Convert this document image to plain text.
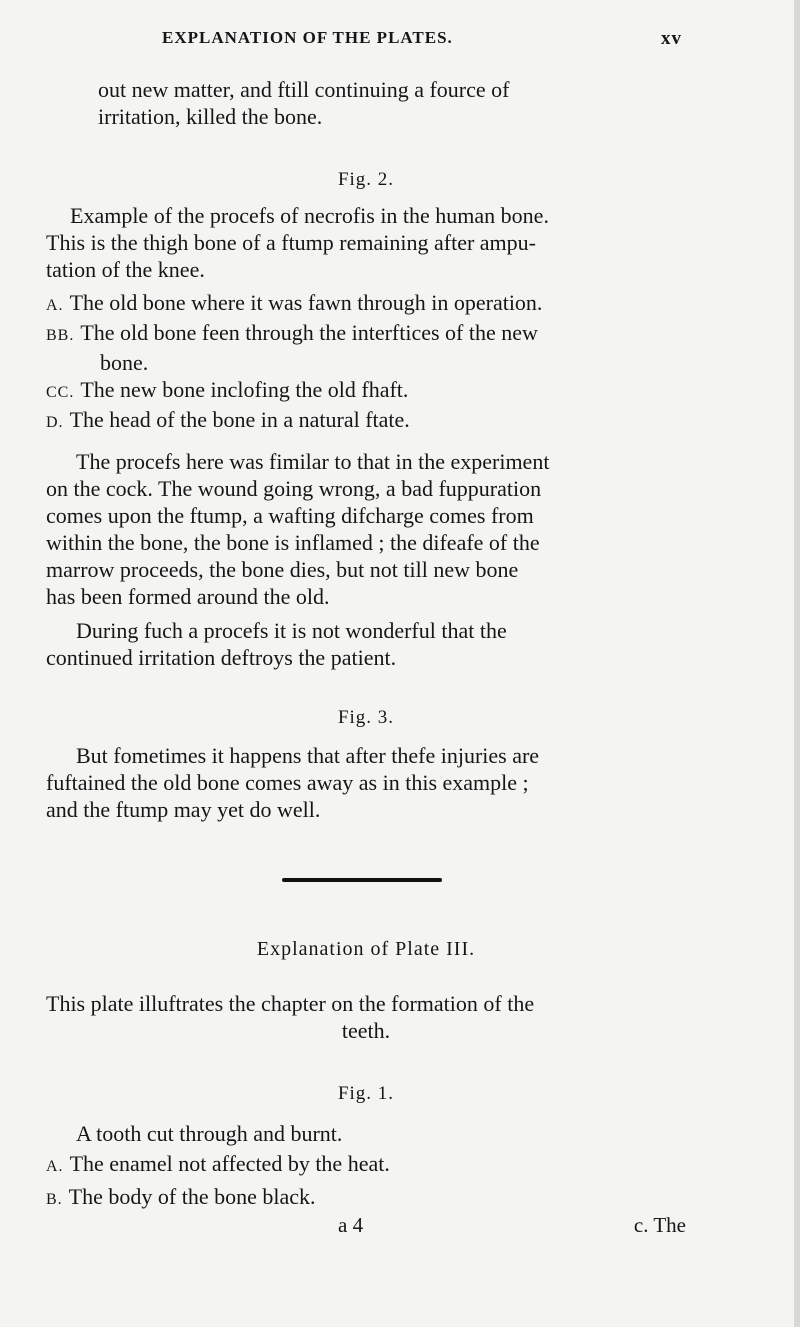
EXPLANATION OF THE PLATES.	xv
out new matter, and ftill continuing a fource of
irritation, killed the bone.
Fig. 2.
Example of the procefs of necrofis in the human bone.
This is the thigh bone of a ftump remaining after ampu-
tation of the knee.
A. The old bone where it was fawn through in operation.
BB. The old bone feen through the interftices of the new
bone.
CC. The new bone inclofing the old fhaft.
D. The head of the bone in a natural ftate.
The procefs here was fimilar to that in the experiment
on the cock. The wound going wrong, a bad fuppuration
comes upon the ftump, a wafting difcharge comes from
within the bone, the bone is inflamed ; the difeafe of the
marrow proceeds, the bone dies, but not till new bone
has been formed around the old.
During fuch a procefs it is not wonderful that the
continued irritation deftroys the patient.
Fig. 3.
But fometimes it happens that after thefe injuries are
fuftained the old bone comes away as in this example ;
and the ftump may yet do well.
Explanation of Plate III.
This plate illuftrates the chapter on the formation of the
teeth.
Fig. 1.
A tooth cut through and burnt.
A. The enamel not affected by the heat.
B. The body of the bone black.
a 4	c. The
